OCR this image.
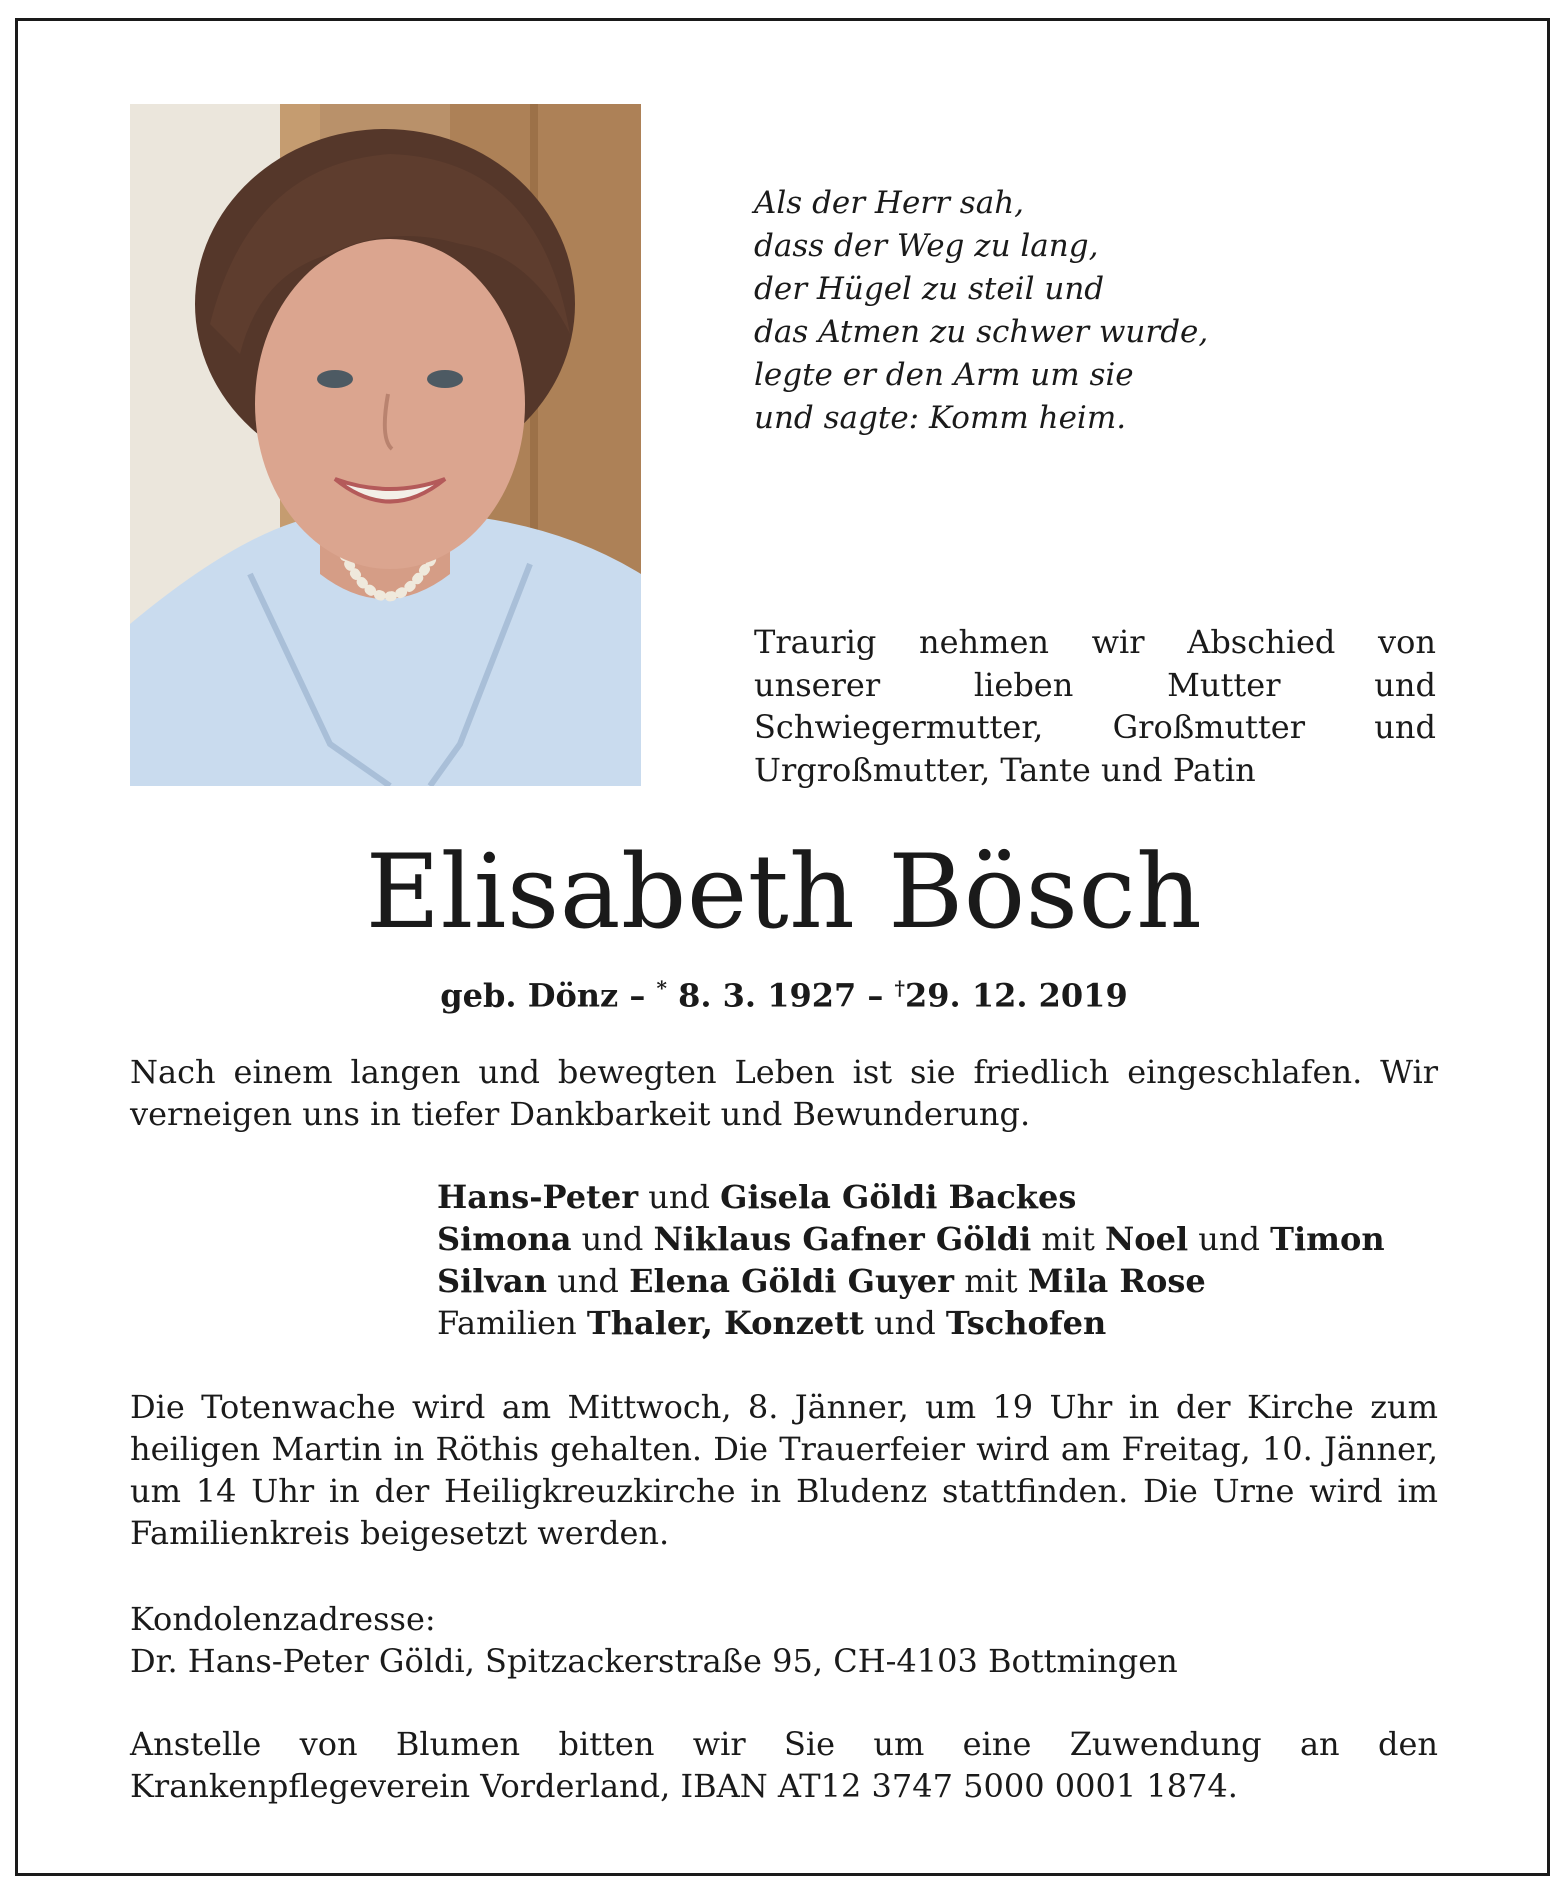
Als der Herr sah,
dass der Weg zu lang,
der Hügel zu steil und
das Atmen zu schwer wurde,
legte er den Arm um sie
und sagte: Komm heim.
Traurig nehmen wir Abschied von unserer lieben Mutter und Schwiegermutter, Großmutter und Urgroßmutter, Tante und Patin
Elisabeth Bösch
geb. Dönz – * 8. 3. 1927 – †29. 12. 2019
Nach einem langen und bewegten Leben ist sie friedlich eingeschlafen. Wir verneigen uns in tiefer Dankbarkeit und Bewunderung.
Hans-Peter und Gisela Göldi Backes
Simona und Niklaus Gafner Göldi mit Noel und Timon
Silvan und Elena Göldi Guyer mit Mila Rose
Familien Thaler, Konzett und Tschofen
Die Totenwache wird am Mittwoch, 8. Jänner, um 19 Uhr in der Kirche zum heiligen Martin in Röthis gehalten. Die Trauerfeier wird am Freitag, 10. Jänner, um 14 Uhr in der Heiligkreuzkirche in Bludenz stattfinden. Die Urne wird im Familienkreis beigesetzt werden.
Kondolenzadresse:
Dr. Hans-Peter Göldi, Spitzackerstraße 95, CH-4103 Bottmingen
Anstelle von Blumen bitten wir Sie um eine Zuwendung an den Krankenpflegeverein Vorderland, IBAN AT12 3747 5000 0001 1874.
